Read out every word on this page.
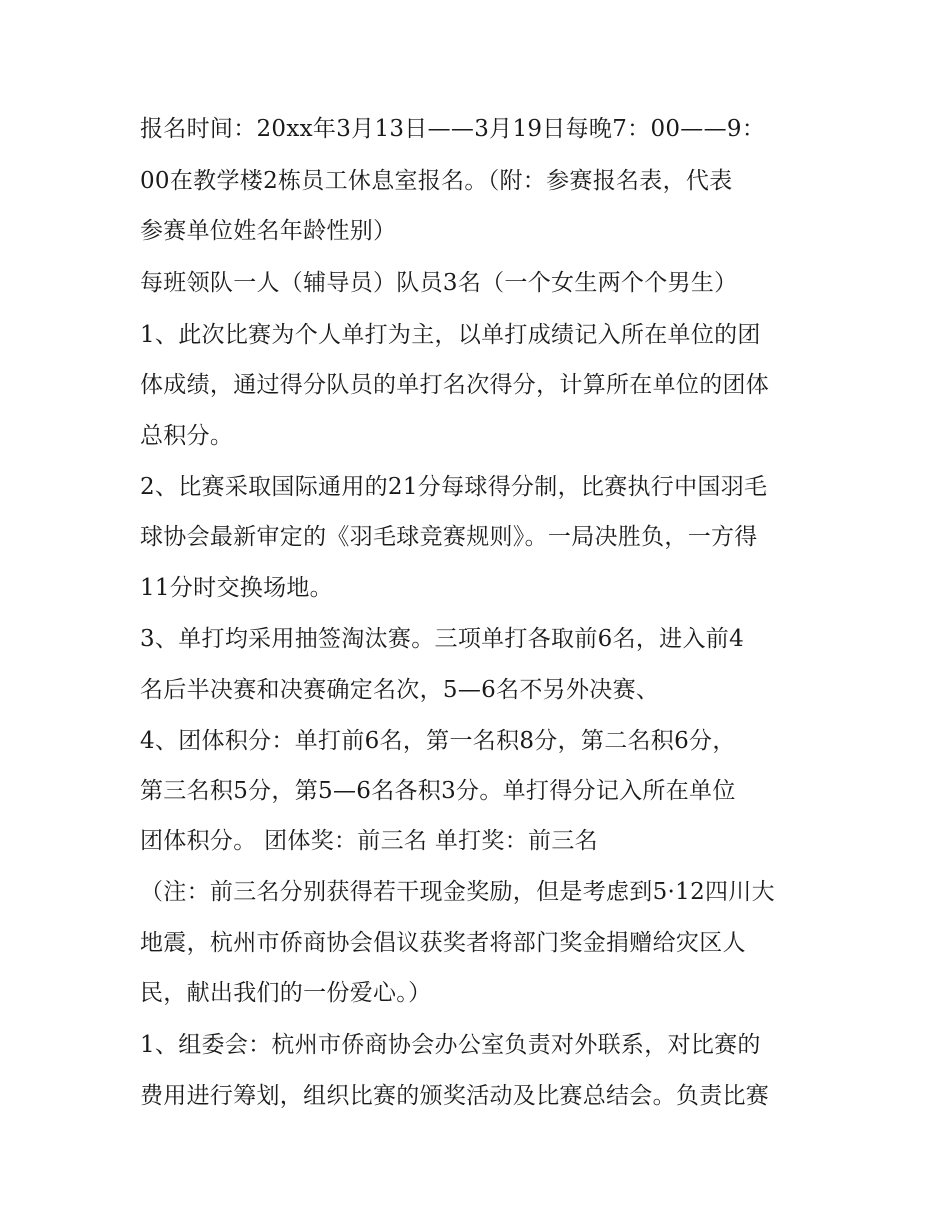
报名时间：20xx年3月13日——3月19日每晚7：00——9：
00在教学楼2栋员工休息室报名。（附：参赛报名表，代表
参赛单位姓名年龄性别）
每班领队一人（辅导员）队员3名（一个女生两个个男生）
1、此次比赛为个人单打为主，以单打成绩记入所在单位的团
体成绩，通过得分队员的单打名次得分，计算所在单位的团体
总积分。
2、比赛采取国际通用的21分每球得分制，比赛执行中国羽毛
球协会最新审定的《羽毛球竞赛规则》。一局决胜负，一方得
11分时交换场地。
3、单打均采用抽签淘汰赛。三项单打各取前6名，进入前4
名后半决赛和决赛确定名次，5—6名不另外决赛、
4、团体积分：单打前6名，第一名积8分，第二名积6分，
第三名积5分，第5—6名各积3分。单打得分记入所在单位
团体积分。 团体奖：前三名 单打奖：前三名
（注：前三名分别获得若干现金奖励，但是考虑到5·12四川大
地震，杭州市侨商协会倡议获奖者将部门奖金捐赠给灾区人
民，献出我们的一份爱心。）
1、组委会：杭州市侨商协会办公室负责对外联系，对比赛的
费用进行筹划，组织比赛的颁奖活动及比赛总结会。负责比赛
